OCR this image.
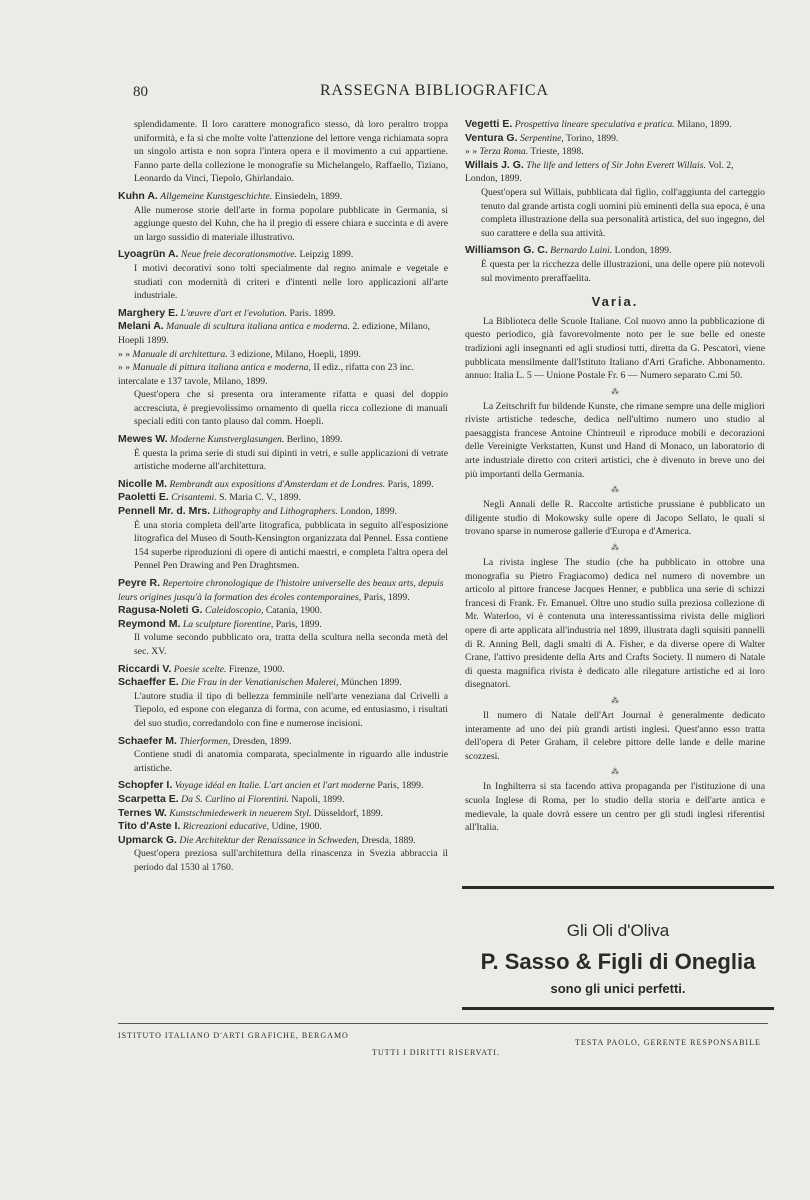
80	RASSEGNA BIBLIOGRAFICA

splendidamente. Il loro carattere monografico stesso, dà loro peraltro troppa uniformità, e fa sì che molte volte l'attenzione del lettore venga richiamata sopra un singolo artista e non sopra l'intera opera e il movimento a cui appartiene. Fanno parte della collezione le monografie su Michelangelo, Raffaello, Tiziano, Leonardo da Vinci, Tiepolo, Ghirlandaio.

Kuhn A. Allgemeine Kunstgeschichte. Einsiedeln, 1899.

Alle numerose storie dell'arte in forma popolare pubblicate in Germania, si aggiunge questo del Kuhn, che ha il pregio di essere chiara e succinta e di avere un largo sussidio di materiale illustrativo.

Lyoagrün A. Neue freie decorationsmotive. Leipzig 1899.

I motivi decorativi sono tolti specialmente dal regno animale e vegetale e studiati con modernità di criteri e d'intenti nelle loro applicazioni all'arte industriale.

Marghery E. L'œuvre d'art et l'evolution. Paris. 1899.
Melani A. Manuale di scultura italiana antica e moderna. 2. edizione, Milano, Hoepli 1899.
» » Manuale di architettura. 3 edizione, Milano, Hoepli, 1899.
» » Manuale di pittura italiana antica e moderna, II ediz., rifatta con 23 inc. intercalate e 137 tavole, Milano, 1899.

Quest'opera che si presenta ora interamente rifatta e quasi del doppio accresciuta, è pregievolissimo ornamento di quella ricca collezione di manuali speciali editi con tanto plauso dal comm. Hoepli.

Mewes W. Moderne Kunstverglasungen. Berlino, 1899.

È questa la prima serie di studi sui dipinti in vetri, e sulle applicazioni di vetrate artistiche moderne all'architettura.

Nicolle M. Rembrandt aux expositions d'Amsterdam et de Londres. Paris, 1899.
Paoletti E. Crisantemi. S. Maria C. V., 1899.
Pennell Mr. d. Mrs. Lithography and Lithographers. London, 1899.

È una storia completa dell'arte litografica, pubblicata in seguito all'esposizione litografica del Museo di South-Kensington organizzata dal Pennel. Essa contiene 154 superbe riproduzioni di opere di antichi maestri, e completa l'altra opera del Pennel Pen Drawing and Pen Draghtsmen.

Peyre R. Repertoire chronologique de l'histoire universelle des beaux arts, depuis leurs origines jusqu'à la formation des écoles contemporaines, Paris, 1899.
Ragusa-Noleti G. Caleidoscopio, Catania, 1900.
Reymond M. La sculpture fiorentine, Paris, 1899.

Il volume secondo pubblicato ora, tratta della scultura nella seconda metà del sec. XV.

Riccardi V. Poesie scelte. Firenze, 1900.
Schaeffer E. Die Frau in der Venatianischen Malerei, München 1899.

L'autore studia il tipo di bellezza femminile nell'arte veneziana dal Crivelli a Tiepolo, ed espone con eleganza di forma, con acume, ed entusiasmo, i risultati del suo studio, corredandolo con fine e numerose incisioni.

Schaefer M. Thierformen, Dresden, 1899.

Contiene studi di anatomia comparata, specialmente in riguardo alle industrie artistiche.

Schopfer I. Voyage idéal en Italie. L'art ancien et l'art moderne Paris, 1899.
Scarpetta E. Da S. Carlino ai Fiorentini. Napoli, 1899.
Ternes W. Kunstschmiedewerk in neuerem Styl. Düsseldorf, 1899.
Tito d'Aste I. Ricreazioni educative, Udine, 1900.
Upmarck G. Die Architektur der Renaissance in Schweden, Dresda, 1889.

Quest'opera preziosa sull'architettura della rinascenza in Svezia abbraccia il periodo dal 1530 al 1760.

Vegetti E. Prospettiva lineare speculativa e pratica. Milano, 1899.
Ventura G. Serpentine, Torino, 1899.
» » Terza Roma. Trieste, 1898.
Willais J. G. The life and letters of Sir John Everett Willais. Vol. 2, London, 1899.

Quest'opera sul Willais, pubblicata dal figlio, coll'aggiunta del carteggio tenuto dal grande artista cogli uomini più eminenti della sua epoca, è una completa illustrazione della sua personalità artistica, del suo ingegno, del suo carattere e della sua attività.

Williamson G. C. Bernardo Luini. London, 1899.

È questa per la ricchezza delle illustrazioni, una delle opere più notevoli sul movimento preraffaelita.

Varia.

La Biblioteca delle Scuole Italiane. Col nuovo anno la pubblicazione di questo periodico, già favorevolmente noto per le sue belle ed oneste tradizioni agli insegnanti ed agli studiosi tutti, diretta da G. Pescatori, viene pubblicata mensilmente dall'Istituto Italiano d'Arti Grafiche. Abbonamento. annuo: Italia L. 5 — Unione Postale Fr. 6 — Numero separato C.mi 50.

⁂

La Zeitschrift fur bildende Kunste, che rimane sempre una delle migliori riviste artistiche tedesche, dedica nell'ultimo numero uno studio al paesaggista francese Antoine Chintreuil e riproduce mobili e decorazioni delle Vereinigte Verkstatten, Kunst und Hand di Monaco, un laboratorio di arte industriale diretto con criteri artistici, che è divenuto in breve uno dei più importanti della Germania.

⁂

Negli Annali delle R. Raccolte artistiche prussiane è pubblicato un diligente studio di Mokowsky sulle opere di Jacopo Sellato, le quali si trovano sparse in numerose gallerie d'Europa e d'America.

⁂

La rivista inglese The studio (che ha pubblicato in ottobre una monografia su Pietro Fragiacomo) dedica nel numero di novembre un articolo al pittore francese Jacques Henner, e pubblica una serie di schizzi francesi di Frank. Fr. Emanuel. Oltre uno studio sulla preziosa collezione di Mr. Waterloo, vi è contenuta una interessantissima rivista delle migliori opere di arte applicata all'industria nel 1899, illustrata dagli squisiti pannelli di R. Anning Bell, dagli smalti di A. Fisher, e da diverse opere di Walter Crane, l'attivo presidente della Arts and Crafts Society. Il numero di Natale di questa magnifica rivista è dedicato alle rilegature artistiche ed ai loro disegnatori.

⁂

Il numero di Natale dell'Art Journal è generalmente dedicato interamente ad uno dei più grandi artisti inglesi. Quest'anno esso tratta dell'opera di Peter Graham, il celebre pittore delle lande e delle marine scozzesi.

⁂

In Inghilterra si sta facendo attiva propaganda per l'istituzione di una scuola Inglese di Roma, per lo studio della storia e dell'arte antica e medievale, la quale dovrà essere un centro per gli studi inglesi riferentisi all'Italia.

Gli Oli d'Oliva
P. Sasso & Figli di Oneglia
sono gli unici perfetti.
ISTITUTO ITALIANO D'ARTI GRAFICHE, BERGAMO
TESTA PAOLO, GERENTE RESPONSABILE
TUTTI I DIRITTI RISERVATI.
